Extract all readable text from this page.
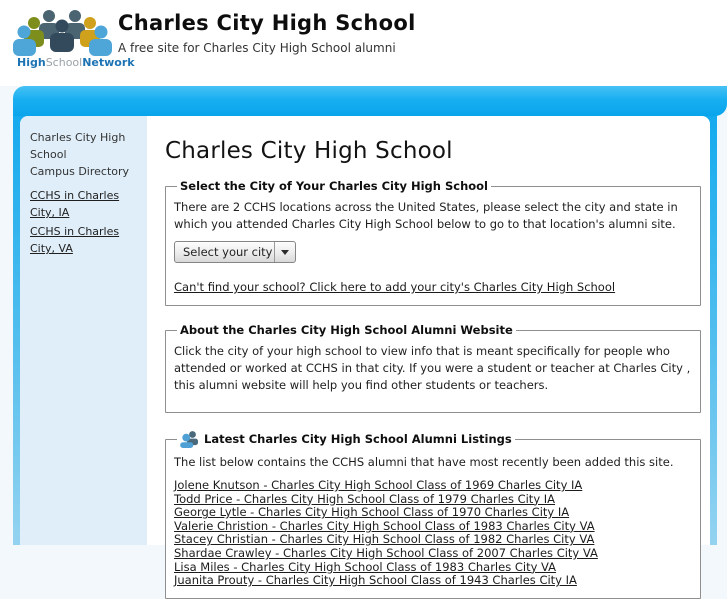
HighSchoolNetwork
Charles City High School
A free site for Charles City High School alumni
Charles City High School
Campus Directory
CCHS in Charles City, IA
CCHS in Charles City, VA
Charles City High School
Select the City of Your Charles City High School

There are 2 CCHS locations across the United States, please select the city and state in which you attended Charles City High School below to go to that location's alumni site.

Select your city
Can't find your school? Click here to add your city's Charles City High School
About the Charles City High School Alumni Website

Click the city of your high school to view info that is meant specifically for people who attended or worked at CCHS in that city. If you were a student or teacher at Charles City , this alumni website will help you find other students or teachers.

Latest Charles City High School Alumni Listings

The list below contains the CCHS alumni that have most recently been added this site.

Jolene Knutson - Charles City High School Class of 1969 Charles City IA
Todd Price - Charles City High School Class of 1979 Charles City IA
George Lytle - Charles City High School Class of 1970 Charles City IA
Valerie Christion - Charles City High School Class of 1983 Charles City VA
Stacey Christian - Charles City High School Class of 1982 Charles City VA
Shardae Crawley - Charles City High School Class of 2007 Charles City VA
Lisa Miles - Charles City High School Class of 1983 Charles City VA
Juanita Prouty - Charles City High School Class of 1943 Charles City IA
